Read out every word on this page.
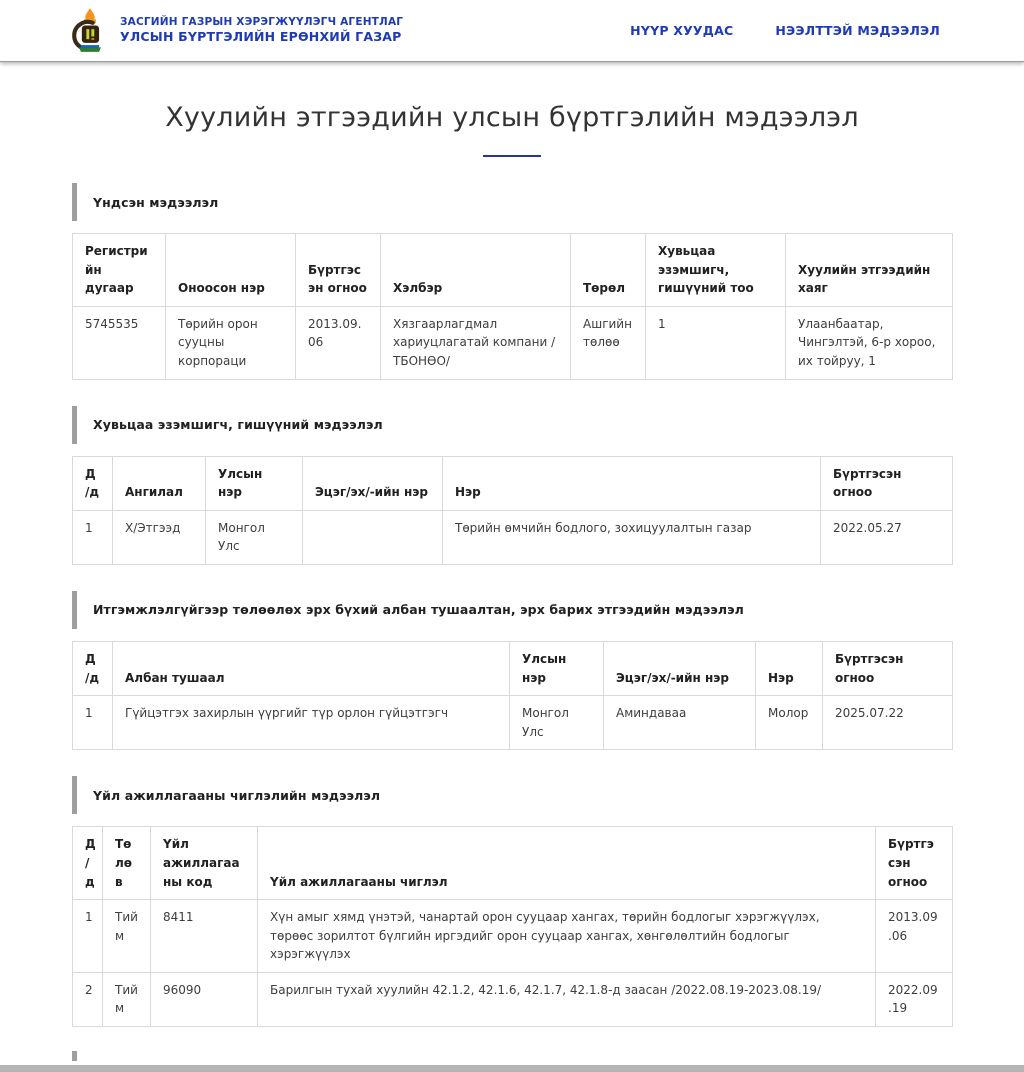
ЗАСГИЙН ГАЗРЫН ХЭРЭГЖҮҮЛЭГЧ АГЕНТЛАГ
УЛСЫН БҮРТГЭЛИЙН ЕРӨНХИЙ ГАЗАР	НҮҮР ХУУДАС	НЭЭЛТТЭЙ МЭДЭЭЛЭЛ
Хуулийн этгээдийн улсын бүртгэлийн мэдээлэл
Үндсэн мэдээлэл
Регистрийн дугаар	Оноосон нэр	Бүртгэсэн огноо	Хэлбэр	Төрөл	Хувьцаа эзэмшигч, гишүүний тоо	Хуулийн этгээдийн хаяг
5745535	Төрийн орон сууцны корпораци	2013.09.06	Хязгаарлагдмал хариуцлагатай компани /ТБОНӨО/	Ашгийн төлөө	1	Улаанбаатар, Чингэлтэй, 6-р хороо, их тойруу, 1
Хувьцаа эзэмшигч, гишүүний мэдээлэл
Д/д	Ангилал	Улсын нэр	Эцэг/эх/-ийн нэр	Нэр	Бүртгэсэн огноо
1	Х/Этгээд	Монгол Улс		Төрийн өмчийн бодлого, зохицуулалтын газар	2022.05.27
Итгэмжлэлгүйгээр төлөөлөх эрх бүхий албан тушаалтан, эрх барих этгээдийн мэдээлэл
Д/д	Албан тушаал	Улсын нэр	Эцэг/эх/-ийн нэр	Нэр	Бүртгэсэн огноо
1	Гүйцэтгэх захирлын үүргийг түр орлон гүйцэтгэгч	Монгол Улс	Аминдаваа	Молор	2025.07.22
Үйл ажиллагааны чиглэлийн мэдээлэл
Д/д	Төлөв	Үйл ажиллагааны код	Үйл ажиллагааны чиглэл	Бүртгэсэн огноо
1	Тийм	8411	Хүн амыг хямд үнэтэй, чанартай орон сууцаар хангах, төрийн бодлогыг хэрэгжүүлэх, төрөөс зорилтот бүлгийн иргэдийг орон сууцаар хангах, хөнгөлөлтийн бодлогыг хэрэгжүүлэх	2013.09.06
2	Тийм	96090	Барилгын тухай хуулийн 42.1.2, 42.1.6, 42.1.7, 42.1.8-д заасан /2022.08.19-2023.08.19/	2022.09.19
